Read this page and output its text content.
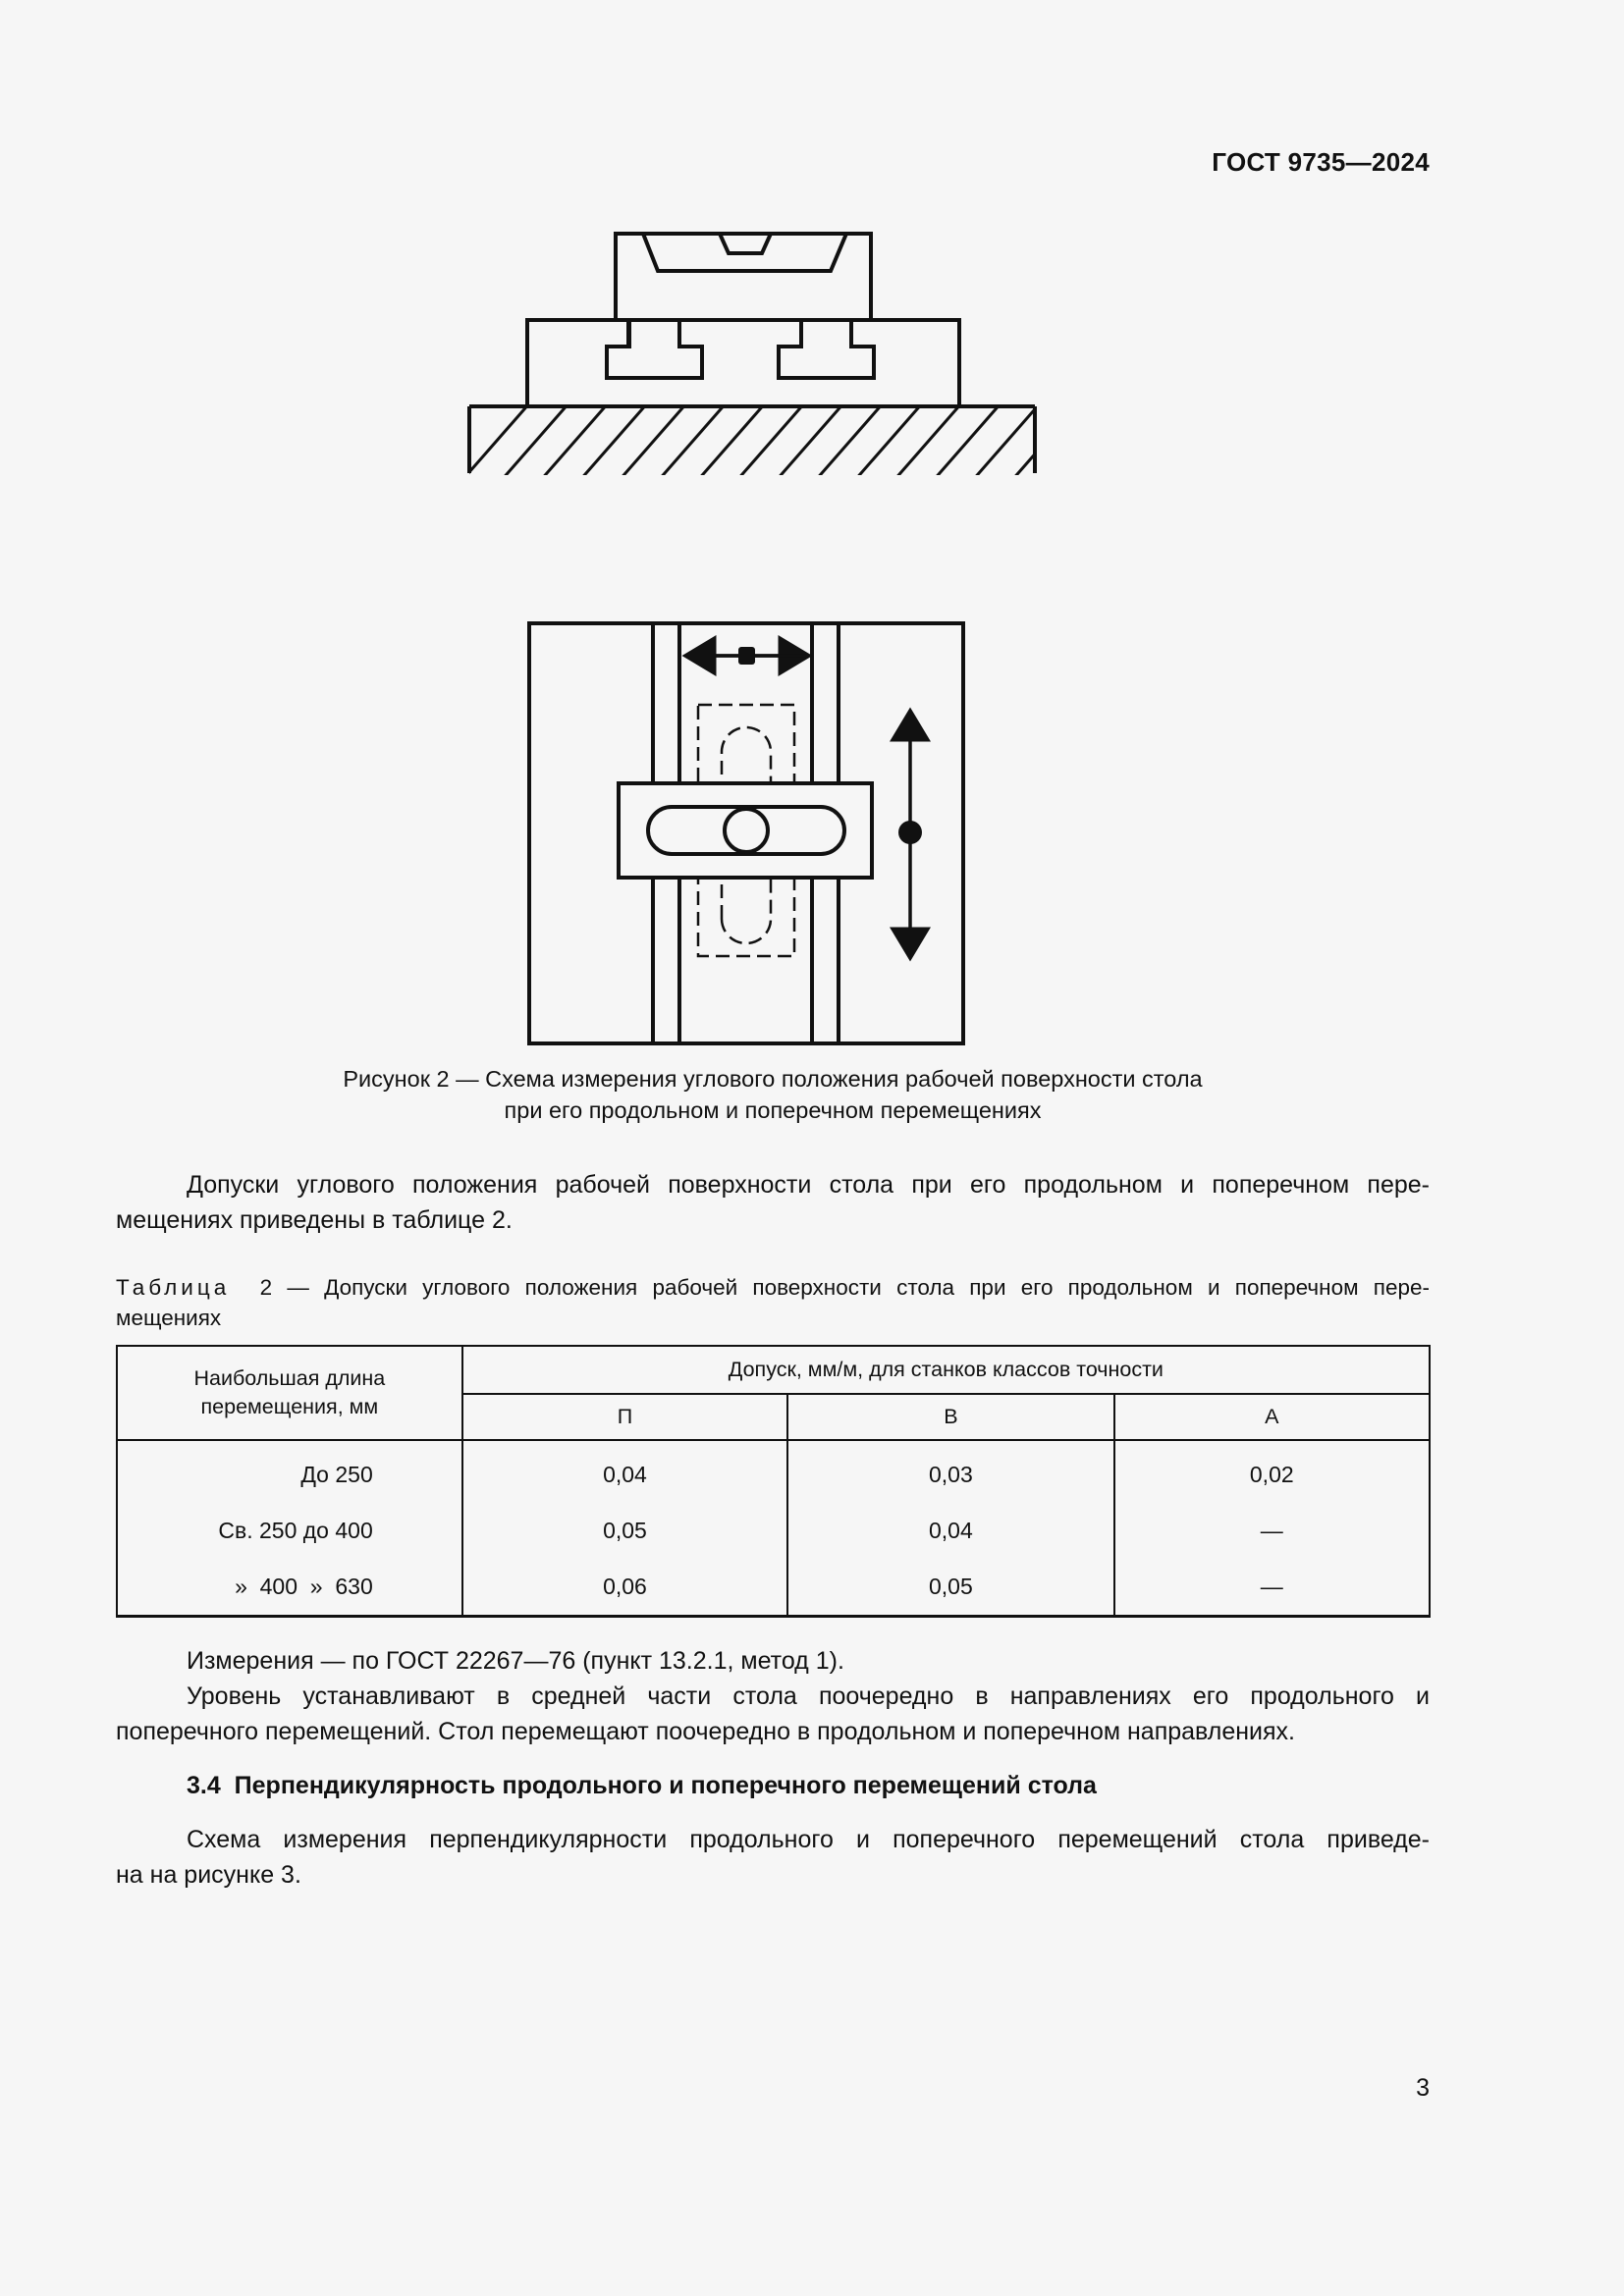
ГОСТ 9735—2024
Рисунок 2 — Схема измерения углового положения рабочей поверхности стола
при его продольном и поперечном перемещениях
Допуски углового положения рабочей поверхности стола при его продольном и поперечном пере-
мещениях приведены в таблице 2.
Таблица 2 — Допуски углового положения рабочей поверхности стола при его продольном и поперечном пере-
мещениях
Наибольшая длина перемещения, мм	Допуск, мм/м, для станков классов точности		
	П	В	А
До 250	0,04	0,03	0,02
Св. 250 до 400	0,05	0,04	—
»  400  »  630	0,06	0,05	—
Измерения — по ГОСТ 22267—76 (пункт 13.2.1, метод 1).
Уровень устанавливают в средней части стола поочередно в направлениях его продольного и
поперечного перемещений. Стол перемещают поочередно в продольном и поперечном направлениях.
3.4 Перпендикулярность продольного и поперечного перемещений стола
Схема измерения перпендикулярности продольного и поперечного перемещений стола приведе-
на на рисунке 3.
3
